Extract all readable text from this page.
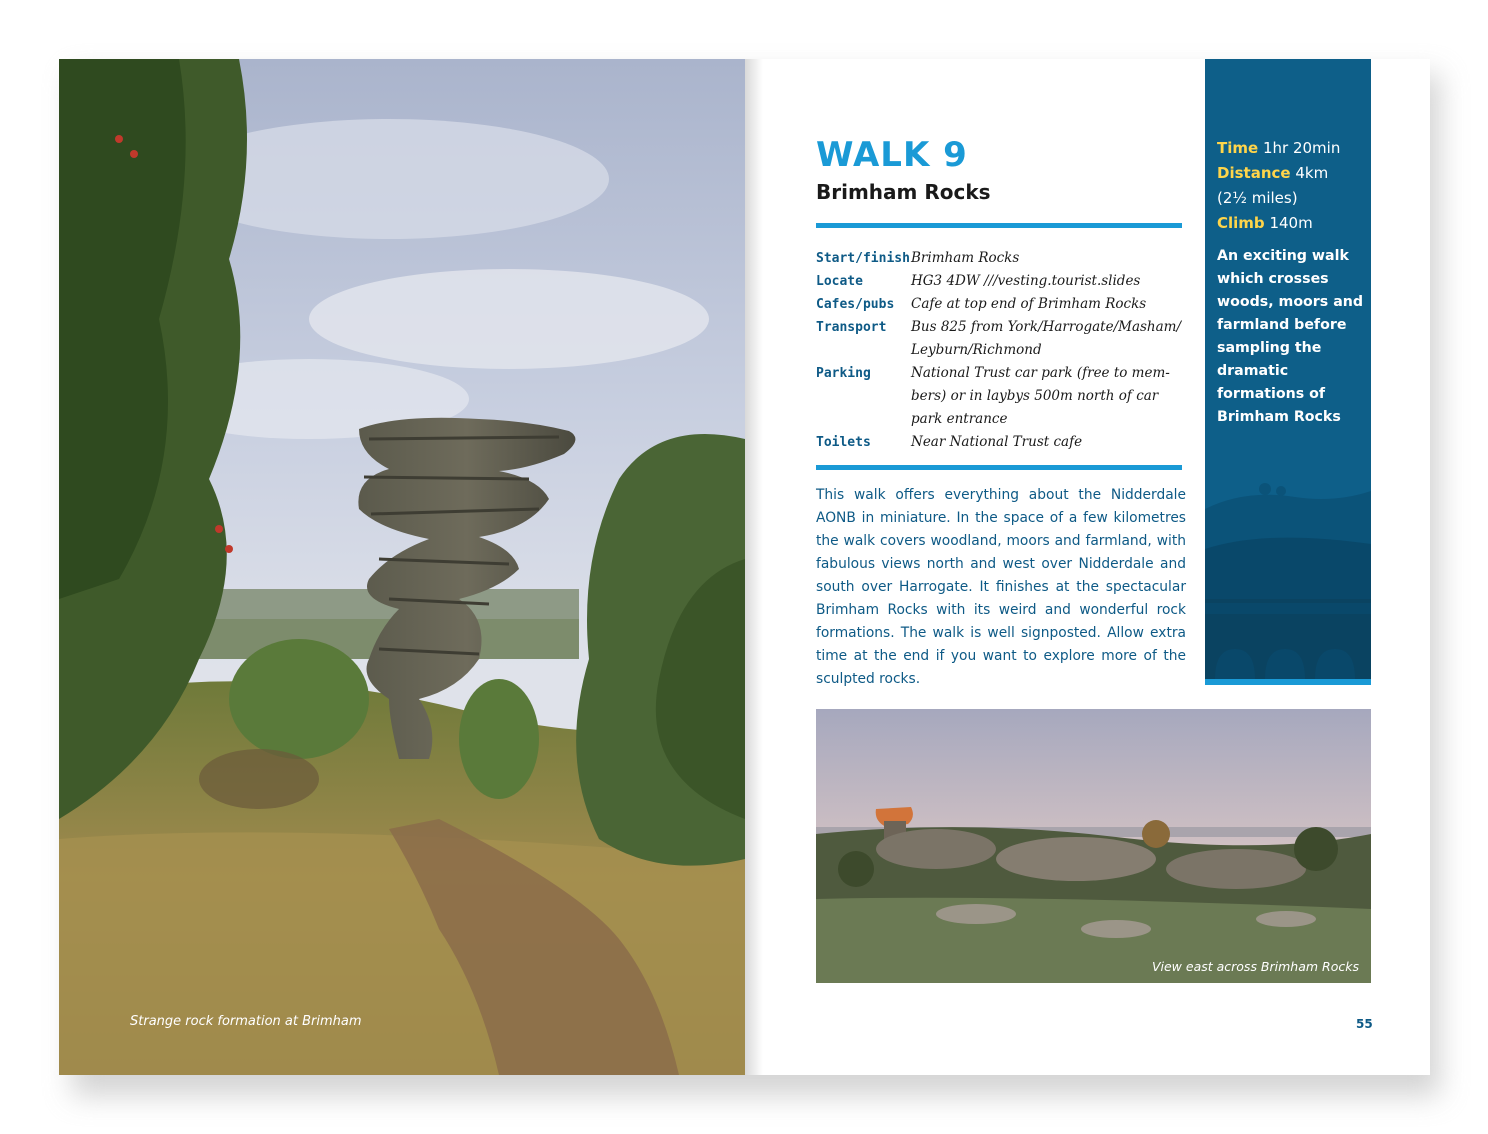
Strange rock formation at Brimham
WALK 9
Brimham Rocks
Start/finish Brimham Rocks
Locate	HG3 4DW ///vesting.tourist.slides
Cafes/pubs	Cafe at top end of Brimham Rocks
Transport	Bus 825 from York/Harrogate/Masham/ Leyburn/Richmond
Parking	National Trust car park (free to mem-bers) or in laybys 500m north of car park entrance
Toilets	Near National Trust cafe
This walk offers everything about the Nidderdale AONB in miniature. In the space of a few kilometres the walk covers woodland, moors and farmland, with fabulous views north and west over Nidderdale and south over Harrogate. It finishes at the spectacular Brimham Rocks with its weird and wonderful rock formations. The walk is well signposted. Allow extra time at the end if you want to explore more of the sculpted rocks.
Time 1hr 20min
Distance 4km
(2½ miles)
Climb 140m
An exciting walk which crosses woods, moors and farmland before sampling the dramatic formations of Brimham Rocks
View east across Brimham Rocks
55
